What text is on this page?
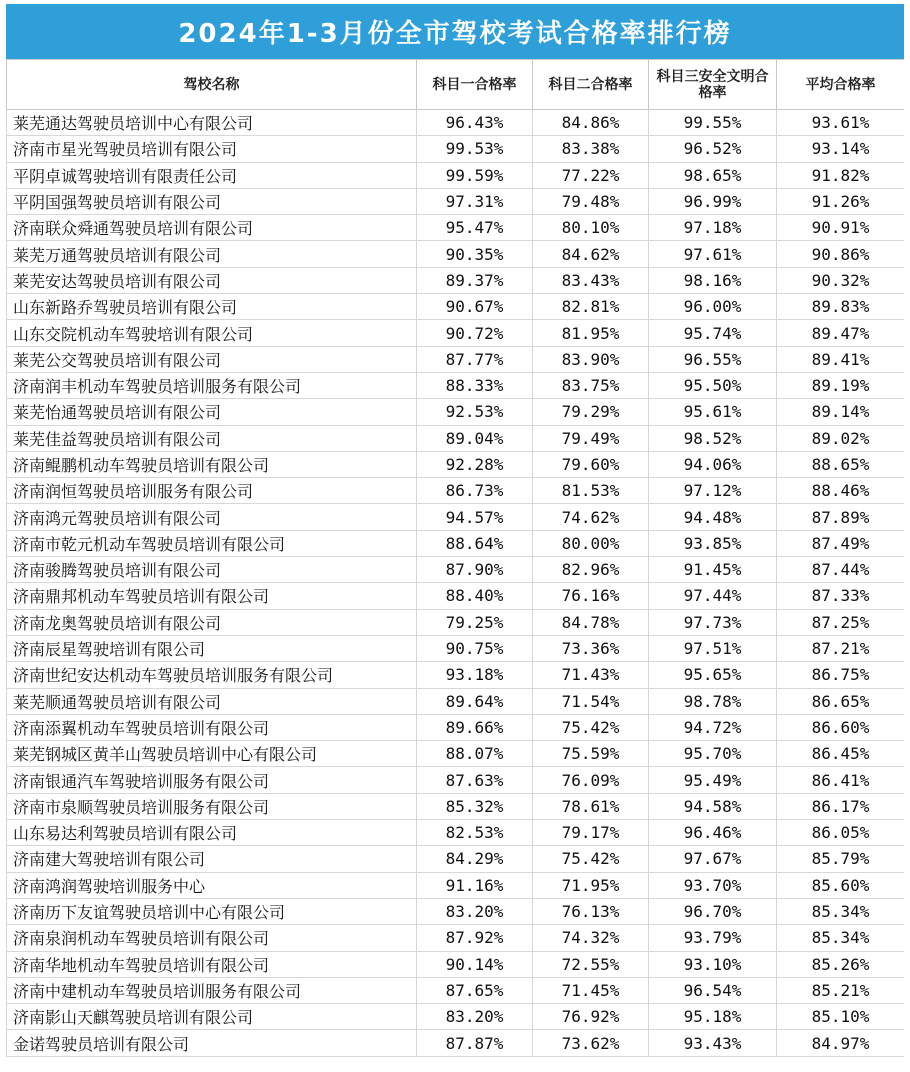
2024年1-3月份全市驾校考试合格率排行榜
驾校名称	科目一合格率	科目二合格率	科目三安全文明合格率	平均合格率
莱芜通达驾驶员培训中心有限公司	96.43%	84.86%	99.55%	93.61%
济南市星光驾驶员培训有限公司	99.53%	83.38%	96.52%	93.14%
平阴卓诚驾驶培训有限责任公司	99.59%	77.22%	98.65%	91.82%
平阴国强驾驶员培训有限公司	97.31%	79.48%	96.99%	91.26%
济南联众舜通驾驶员培训有限公司	95.47%	80.10%	97.18%	90.91%
莱芜万通驾驶员培训有限公司	90.35%	84.62%	97.61%	90.86%
莱芜安达驾驶员培训有限公司	89.37%	83.43%	98.16%	90.32%
山东新路乔驾驶员培训有限公司	90.67%	82.81%	96.00%	89.83%
山东交院机动车驾驶培训有限公司	90.72%	81.95%	95.74%	89.47%
莱芜公交驾驶员培训有限公司	87.77%	83.90%	96.55%	89.41%
济南润丰机动车驾驶员培训服务有限公司	88.33%	83.75%	95.50%	89.19%
莱芜怡通驾驶员培训有限公司	92.53%	79.29%	95.61%	89.14%
莱芜佳益驾驶员培训有限公司	89.04%	79.49%	98.52%	89.02%
济南鲲鹏机动车驾驶员培训有限公司	92.28%	79.60%	94.06%	88.65%
济南润恒驾驶员培训服务有限公司	86.73%	81.53%	97.12%	88.46%
济南鸿元驾驶员培训有限公司	94.57%	74.62%	94.48%	87.89%
济南市乾元机动车驾驶员培训有限公司	88.64%	80.00%	93.85%	87.49%
济南骏腾驾驶员培训有限公司	87.90%	82.96%	91.45%	87.44%
济南鼎邦机动车驾驶员培训有限公司	88.40%	76.16%	97.44%	87.33%
济南龙奥驾驶员培训有限公司	79.25%	84.78%	97.73%	87.25%
济南辰星驾驶培训有限公司	90.75%	73.36%	97.51%	87.21%
济南世纪安达机动车驾驶员培训服务有限公司	93.18%	71.43%	95.65%	86.75%
莱芜顺通驾驶员培训有限公司	89.64%	71.54%	98.78%	86.65%
济南添翼机动车驾驶员培训有限公司	89.66%	75.42%	94.72%	86.60%
莱芜钢城区黄羊山驾驶员培训中心有限公司	88.07%	75.59%	95.70%	86.45%
济南银通汽车驾驶培训服务有限公司	87.63%	76.09%	95.49%	86.41%
济南市泉顺驾驶员培训服务有限公司	85.32%	78.61%	94.58%	86.17%
山东易达利驾驶员培训有限公司	82.53%	79.17%	96.46%	86.05%
济南建大驾驶培训有限公司	84.29%	75.42%	97.67%	85.79%
济南鸿润驾驶培训服务中心	91.16%	71.95%	93.70%	85.60%
济南历下友谊驾驶员培训中心有限公司	83.20%	76.13%	96.70%	85.34%
济南泉润机动车驾驶员培训有限公司	87.92%	74.32%	93.79%	85.34%
济南华地机动车驾驶员培训有限公司	90.14%	72.55%	93.10%	85.26%
济南中建机动车驾驶员培训服务有限公司	87.65%	71.45%	96.54%	85.21%
济南影山天麒驾驶员培训有限公司	83.20%	76.92%	95.18%	85.10%
金诺驾驶员培训有限公司	87.87%	73.62%	93.43%	84.97%
